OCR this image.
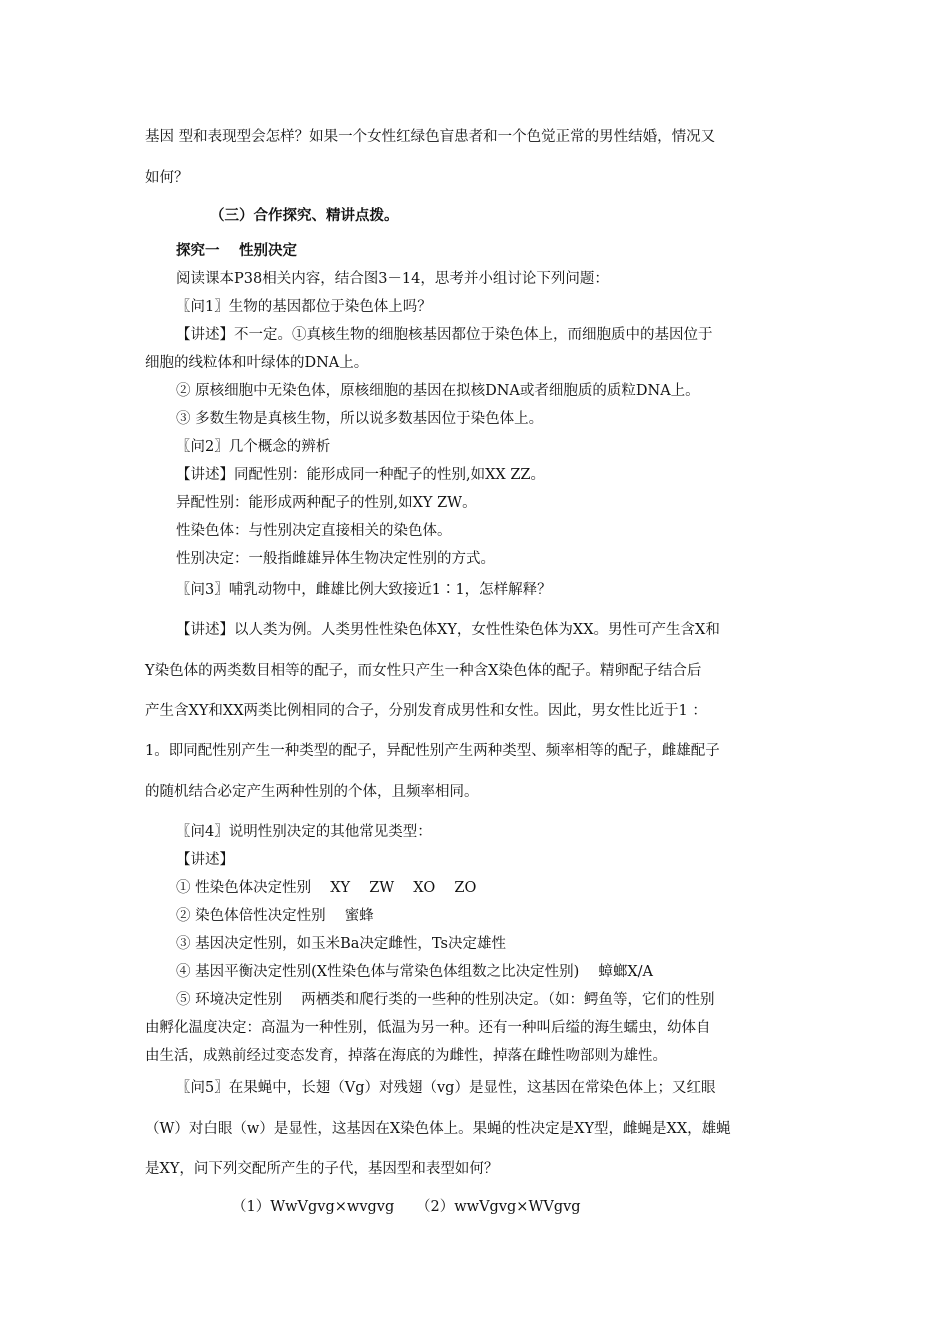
基因 型和表现型会怎样？如果一个女性红绿色盲患者和一个色觉正常的男性结婚，情况又
如何？
（三）合作探究、精讲点拨。
探究一　 性别决定
阅读课本P38相关内容，结合图3－14，思考并小组讨论下列问题：
〖问1〗生物的基因都位于染色体上吗？
【讲述】不一定。①真核生物的细胞核基因都位于染色体上，而细胞质中的基因位于
细胞的线粒体和叶绿体的DNA上。
② 原核细胞中无染色体，原核细胞的基因在拟核DNA或者细胞质的质粒DNA上。
③ 多数生物是真核生物，所以说多数基因位于染色体上。
〖问2〗几个概念的辨析
【讲述】同配性别：能形成同一种配子的性别,如XX ZZ。
异配性别：能形成两种配子的性别,如XY ZW。
性染色体：与性别决定直接相关的染色体。
性别决定：一般指雌雄异体生物决定性别的方式。
〖问3〗哺乳动物中，雌雄比例大致接近1∶1，怎样解释？
【讲述】以人类为例。人类男性性染色体XY，女性性染色体为XX。男性可产生含X和
Y染色体的两类数目相等的配子，而女性只产生一种含X染色体的配子。精卵配子结合后
产生含XY和XX两类比例相同的合子，分别发育成男性和女性。因此，男女性比近于1 ：
1。即同配性别产生一种类型的配子，异配性别产生两种类型、频率相等的配子，雌雄配子
的随机结合必定产生两种性别的个体，且频率相同。
〖问4〗说明性别决定的其他常见类型：
【讲述】
① 性染色体决定性别　 XY　 ZW　 XO　 ZO
② 染色体倍性决定性别　 蜜蜂
③ 基因决定性别，如玉米Ba决定雌性，Ts决定雄性
④ 基因平衡决定性别(X性染色体与常染色体组数之比决定性别)　 蟑螂X/A
⑤ 环境决定性别　 两栖类和爬行类的一些种的性别决定。（如：鳄鱼等，它们的性别
由孵化温度决定：高温为一种性别，低温为另一种。还有一种叫后缢的海生蠕虫，幼体自
由生活，成熟前经过变态发育，掉落在海底的为雌性，掉落在雌性吻部则为雄性。
〖问5〗在果蝇中，长翅（Vg）对残翅（vg）是显性，这基因在常染色体上；又红眼
（W）对白眼（w）是显性，这基因在X染色体上。果蝇的性决定是XY型，雌蝇是XX，雄蝇
是XY，问下列交配所产生的子代，基因型和表型如何？
（1）WwVgvg×wvgvg　　（2）wwVgvg×WVgvg
